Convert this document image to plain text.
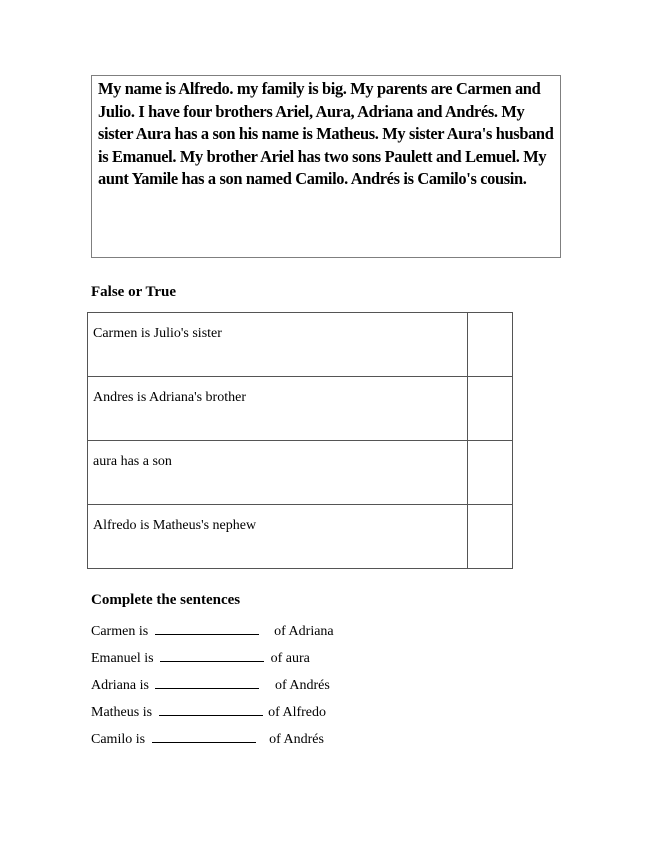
My name is Alfredo. my family is big. My parents are Carmen and Julio. I have four brothers Ariel, Aura, Adriana and Andrés. My sister Aura has a son his name is Matheus. My sister Aura's husband is Emanuel. My brother Ariel has two sons Paulett and Lemuel. My aunt Yamile has a son named Camilo. Andrés is Camilo's cousin.

False or True
Carmen is Julio's sister	
Andres is Adriana's brother	
aura has a son	
Alfredo is Matheus's nephew	
Complete the sentences
Carmen is	of Adriana
Emanuel is	of aura
Adriana is	of Andrés
Matheus is	of Alfredo
Camilo is	of Andrés
